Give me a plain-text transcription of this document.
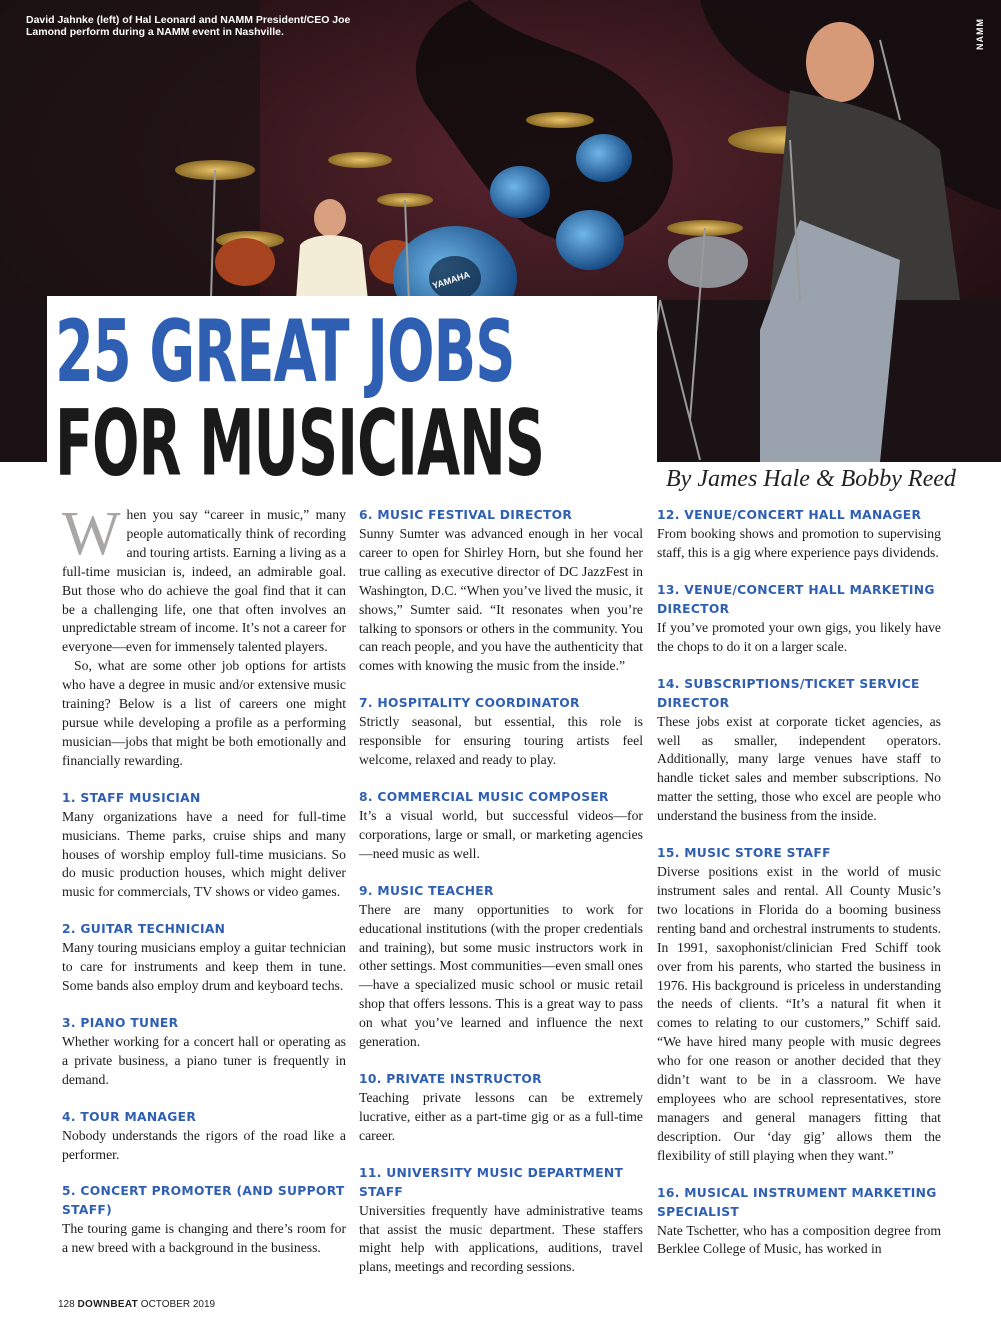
YAMAHA
David Jahnke (left) of Hal Leonard and NAMM President/CEO Joe Lamond perform during a NAMM event in Nashville.	NAMM
25 GREAT JOBS
FOR MUSICIANS	By James Hale & Bobby Reed

When you say “career in music,” many people automatically think of recording and touring artists. Earning a living as a full-time musician is, indeed, an admirable goal. But those who do achieve the goal find that it can be a challenging life, one that often involves an unpredictable stream of income. It’s not a career for everyone—even for immensely talented players.

So, what are some other job options for artists who have a degree in music and/or extensive music training? Below is a list of careers one might pursue while developing a profile as a performing musician—jobs that might be both emotionally and financially rewarding.

1. STAFF MUSICIAN

Many organizations have a need for full-time musicians. Theme parks, cruise ships and many houses of worship employ full-time musicians. So do music production houses, which might deliver music for commercials, TV shows or video games.

2. GUITAR TECHNICIAN

Many touring musicians employ a guitar technician to care for instruments and keep them in tune. Some bands also employ drum and keyboard techs.

3. PIANO TUNER

Whether working for a concert hall or operating as a private business, a piano tuner is frequently in demand.

4. TOUR MANAGER

Nobody understands the rigors of the road like a performer.

5. CONCERT PROMOTER (AND SUPPORT STAFF)

The touring game is changing and there’s room for a new breed with a background in the business.

6. MUSIC FESTIVAL DIRECTOR

Sunny Sumter was advanced enough in her vocal career to open for Shirley Horn, but she found her true calling as executive director of DC JazzFest in Washington, D.C. “When you’ve lived the music, it shows,” Sumter said. “It resonates when you’re talking to sponsors or others in the community. You can reach people, and you have the authenticity that comes with knowing the music from the inside.”

7. HOSPITALITY COORDINATOR

Strictly seasonal, but essential, this role is responsible for ensuring touring artists feel welcome, relaxed and ready to play.

8. COMMERCIAL MUSIC COMPOSER

It’s a visual world, but successful videos—for corporations, large or small, or marketing agencies—need music as well.

9. MUSIC TEACHER

There are many opportunities to work for educational institutions (with the proper credentials and training), but some music instructors work in other settings. Most communities—even small ones—have a specialized music school or music retail shop that offers lessons. This is a great way to pass on what you’ve learned and influence the next generation.

10. PRIVATE INSTRUCTOR

Teaching private lessons can be extremely lucrative, either as a part-time gig or as a full-time career.

11. UNIVERSITY MUSIC DEPARTMENT STAFF

Universities frequently have administrative teams that assist the music department. These staffers might help with applications, auditions, travel plans, meetings and recording sessions.

12. VENUE/CONCERT HALL MANAGER

From booking shows and promotion to supervising staff, this is a gig where experience pays dividends.

13. VENUE/CONCERT HALL MARKETING DIRECTOR

If you’ve promoted your own gigs, you likely have the chops to do it on a larger scale.

14. SUBSCRIPTIONS/TICKET SERVICE DIRECTOR

These jobs exist at corporate ticket agencies, as well as smaller, independent operators. Additionally, many large venues have staff to handle ticket sales and member subscriptions. No matter the setting, those who excel are people who understand the business from the inside.

15. MUSIC STORE STAFF

Diverse positions exist in the world of music instrument sales and rental. All County Music’s two locations in Florida do a booming business renting band and orchestral instruments to students. In 1991, saxophonist/clinician Fred Schiff took over from his parents, who started the business in 1976. His background is priceless in understanding the needs of clients. “It’s a natural fit when it comes to relating to our customers,” Schiff said. “We have hired many people with music degrees who for one reason or another decided that they didn’t want to be in a classroom. We have employees who are school representatives, store managers and general managers fitting that description. Our ‘day gig’ allows them the flexibility of still playing when they want.”

16. MUSICAL INSTRUMENT MARKETING SPECIALIST

Nate Tschetter, who has a composition degree from Berklee College of Music, has worked in

128 DOWNBEAT OCTOBER 2019
